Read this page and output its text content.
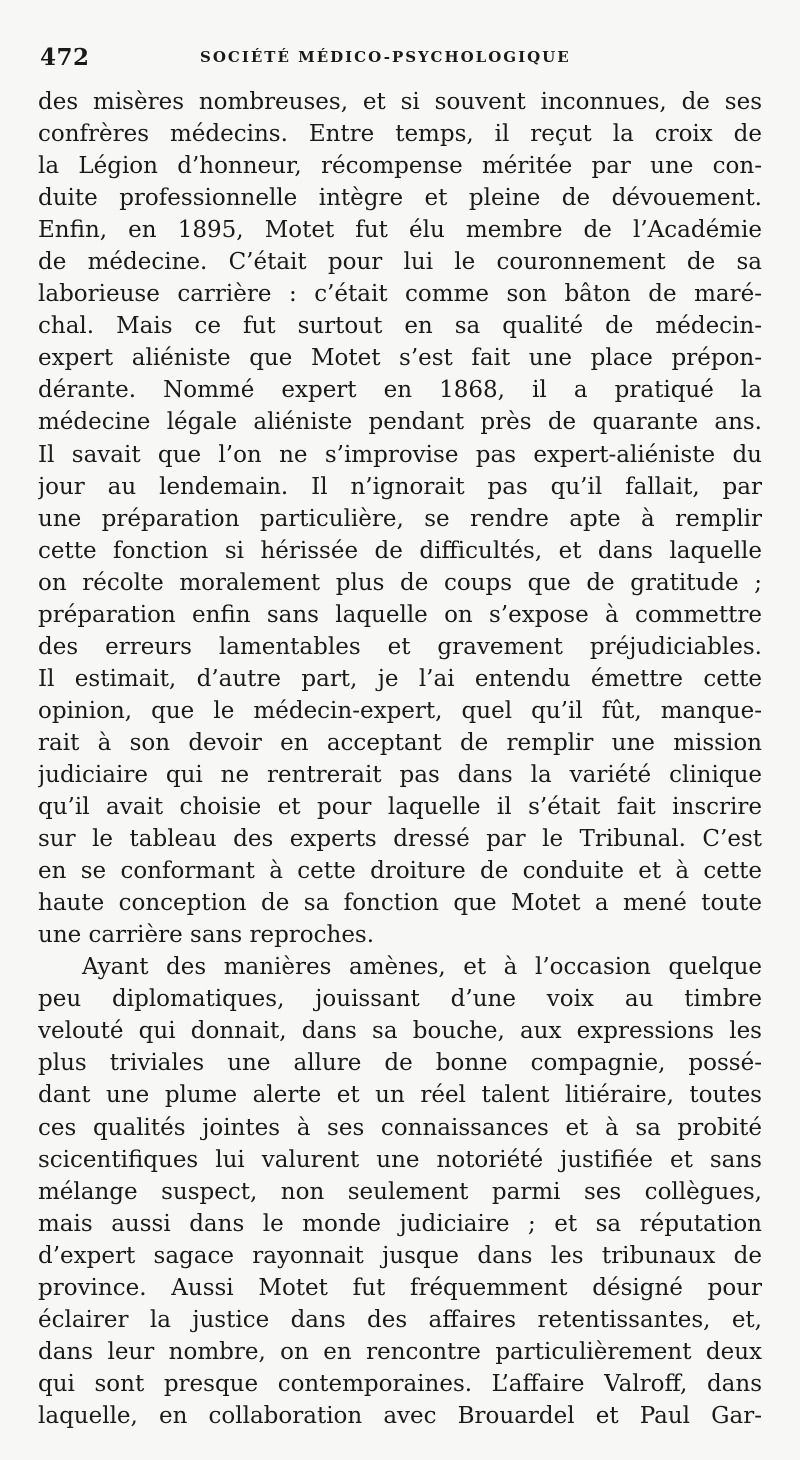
472	SOCIÉTÉ MÉDICO-PSYCHOLOGIQUE
des misères nombreuses, et si souvent inconnues, de ses
confrères médecins. Entre temps, il reçut la croix de
la Légion d’honneur, récompense méritée par une con-
duite professionnelle intègre et pleine de dévouement.
Enfin, en 1895, Motet fut élu membre de l’Académie
de médecine. C’était pour lui le couronnement de sa
laborieuse carrière : c’était comme son bâton de maré-
chal. Mais ce fut surtout en sa qualité de médecin-
expert aliéniste que Motet s’est fait une place prépon-
dérante. Nommé expert en 1868, il a pratiqué la
médecine légale aliéniste pendant près de quarante ans.
Il savait que l’on ne s’improvise pas expert-aliéniste du
jour au lendemain. Il n’ignorait pas qu’il fallait, par
une préparation particulière, se rendre apte à remplir
cette fonction si hérissée de difficultés, et dans laquelle
on récolte moralement plus de coups que de gratitude ;
préparation enfin sans laquelle on s’expose à commettre
des erreurs lamentables et gravement préjudiciables.
Il estimait, d’autre part, je l’ai entendu émettre cette
opinion, que le médecin-expert, quel qu’il fût, manque-
rait à son devoir en acceptant de remplir une mission
judiciaire qui ne rentrerait pas dans la variété clinique
qu’il avait choisie et pour laquelle il s’était fait inscrire
sur le tableau des experts dressé par le Tribunal. C’est
en se conformant à cette droiture de conduite et à cette
haute conception de sa fonction que Motet a mené toute
une carrière sans reproches.
Ayant des manières amènes, et à l’occasion quelque
peu diplomatiques, jouissant d’une voix au timbre
velouté qui donnait, dans sa bouche, aux expressions les
plus triviales une allure de bonne compagnie, possé-
dant une plume alerte et un réel talent litiéraire, toutes
ces qualités jointes à ses connaissances et à sa probité
scicentifiques lui valurent une notoriété justifiée et sans
mélange suspect, non seulement parmi ses collègues,
mais aussi dans le monde judiciaire ; et sa réputation
d’expert sagace rayonnait jusque dans les tribunaux de
province. Aussi Motet fut fréquemment désigné pour
éclairer la justice dans des affaires retentissantes, et,
dans leur nombre, on en rencontre particulièrement deux
qui sont presque contemporaines. L’affaire Valroff, dans
laquelle, en collaboration avec Brouardel et Paul Gar-
